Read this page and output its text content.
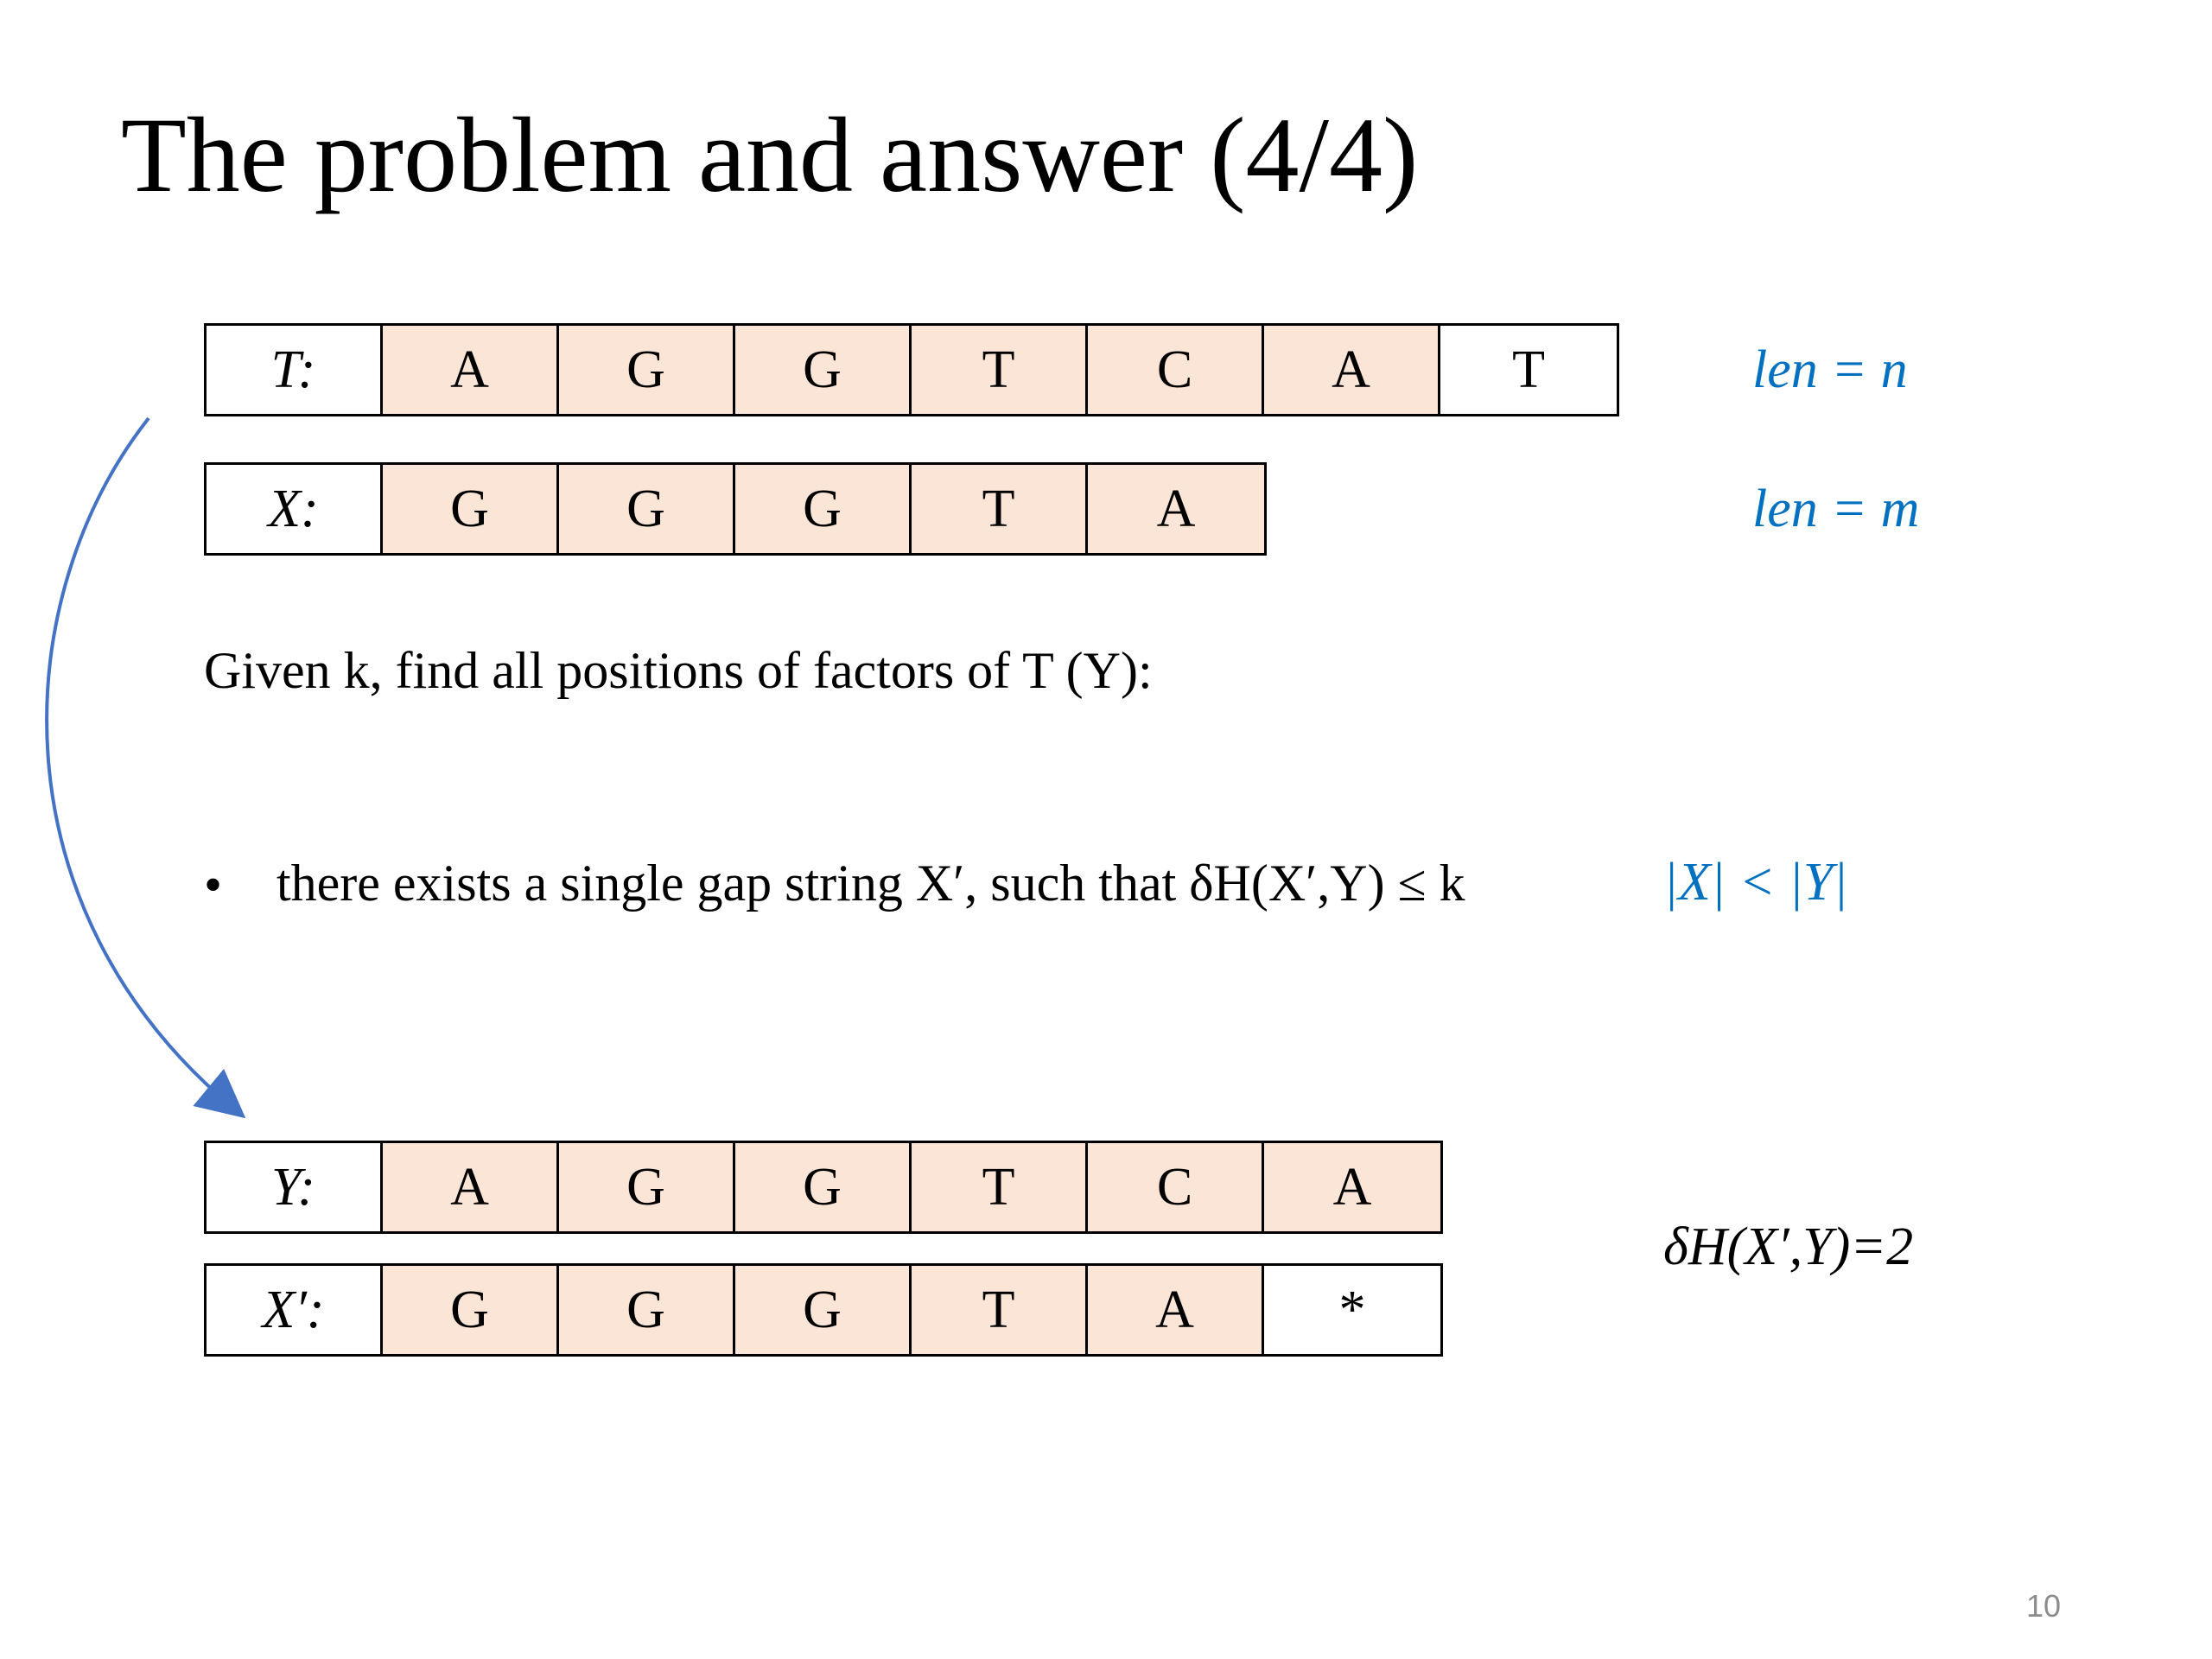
The problem and answer (4/4)
T:	A	G	G	T	C	A	T	len = n
X:	G	G	G	T	A	len = m
Given k, find all positions of factors of T (Y):
• there exists a single gap string X′, such that δH(X′,Y) ≤ k	|X| < |Y|
Y:	A	G	G	T	C	A
X′:	G	G	G	T	A	*
δH(X′,Y)=2
10
